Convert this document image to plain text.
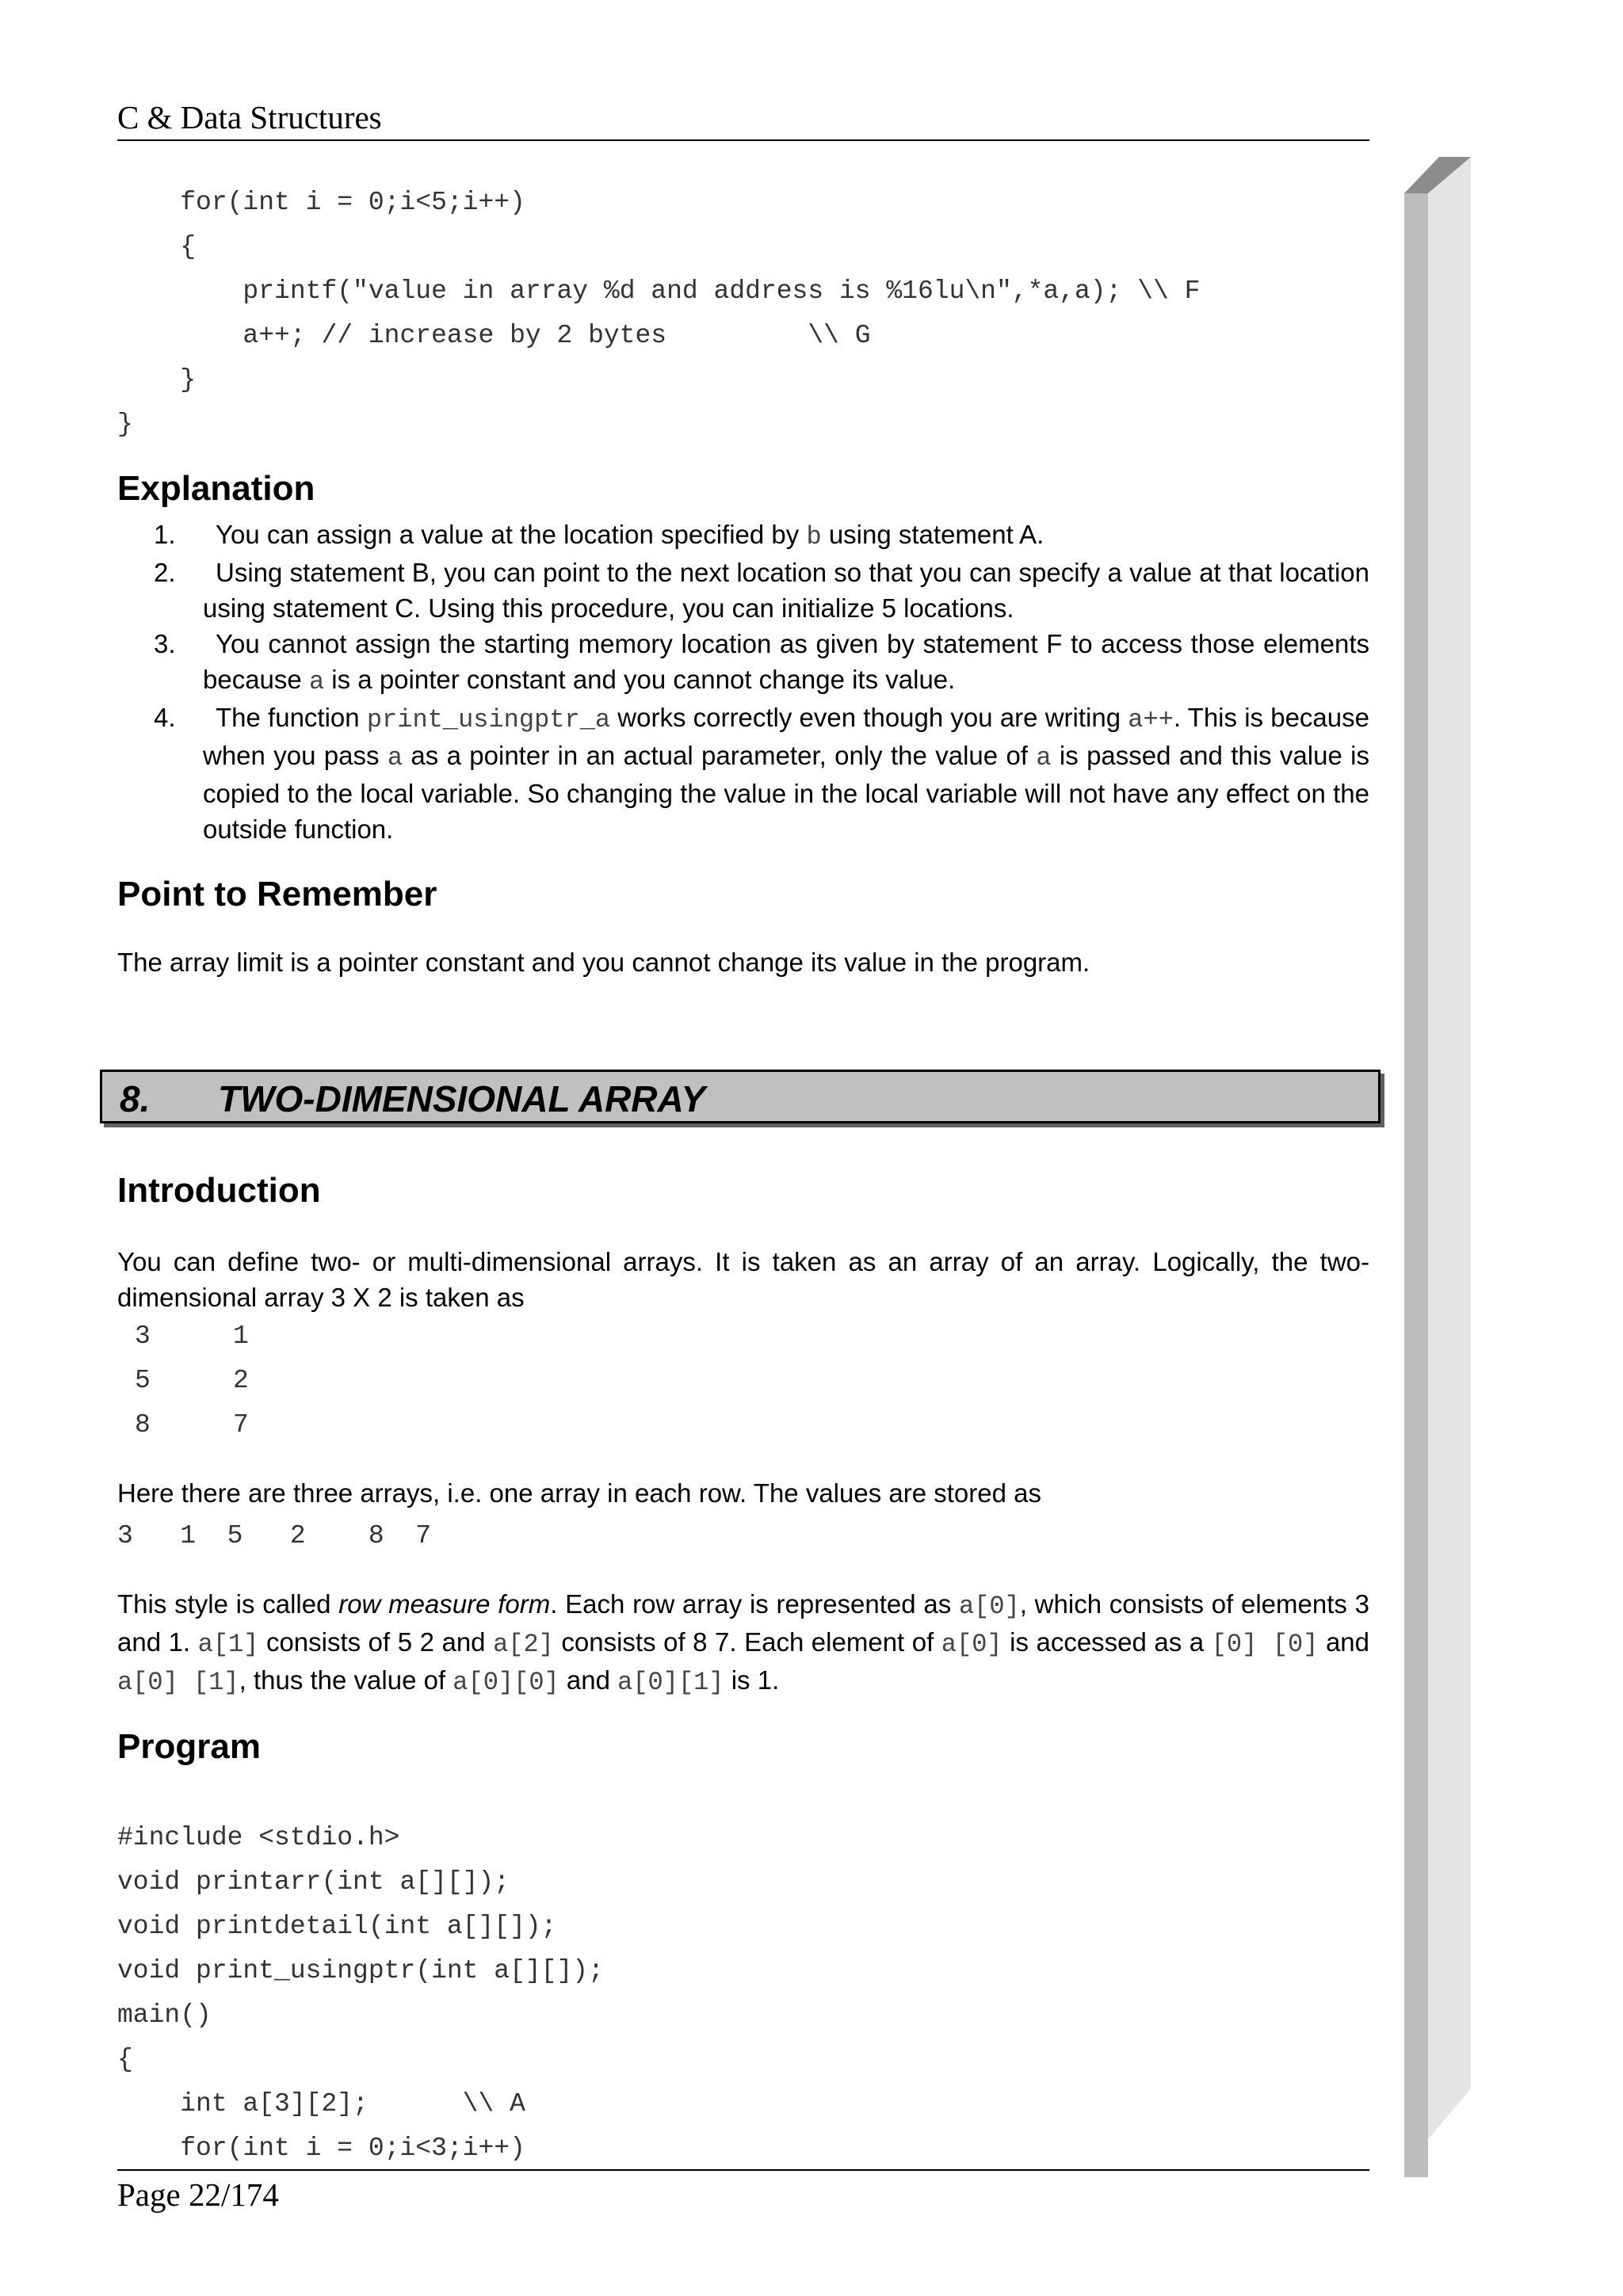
C & Data Structures
for(int i = 0;i<5;i++)
{
printf("value in array %d and address is %16lu\n",*a,a); \\ F
a++; // increase by 2 bytes         \\ G
}
}
Explanation
1. You can assign a value at the location specified by b using statement A.
2. Using statement B, you can point to the next location so that you can specify a value at that location using statement C. Using this procedure, you can initialize 5 locations.
3. You cannot assign the starting memory location as given by statement F to access those elements because a is a pointer constant and you cannot change its value.
4. The function print_usingptr_a works correctly even though you are writing a++. This is because when you pass a as a pointer in an actual parameter, only the value of a is passed and this value is copied to the local variable. So changing the value in the local variable will not have any effect on the outside function.
Point to Remember
The array limit is a pointer constant and you cannot change its value in the program.
8. TWO-DIMENSIONAL ARRAY
Introduction
You can define two- or multi-dimensional arrays. It is taken as an array of an array. Logically, the two-dimensional array 3 X 2 is taken as
3	1
5	2
8	7
Here there are three arrays, i.e. one array in each row. The values are stored as
3   1  5   2    8  7
This style is called row measure form. Each row array is represented as a[0], which consists of elements 3 and 1. a[1] consists of 5 2 and a[2] consists of 8 7. Each element of a[0] is accessed as a [0] [0] and a[0] [1], thus the value of a[0][0] and a[0][1] is 1.
Program
#include <stdio.h>
void printarr(int a[][]);
void printdetail(int a[][]);
void print_usingptr(int a[][]);
main()
{
int a[3][2];      \\ A
for(int i = 0;i<3;i++)
Page 22/174
